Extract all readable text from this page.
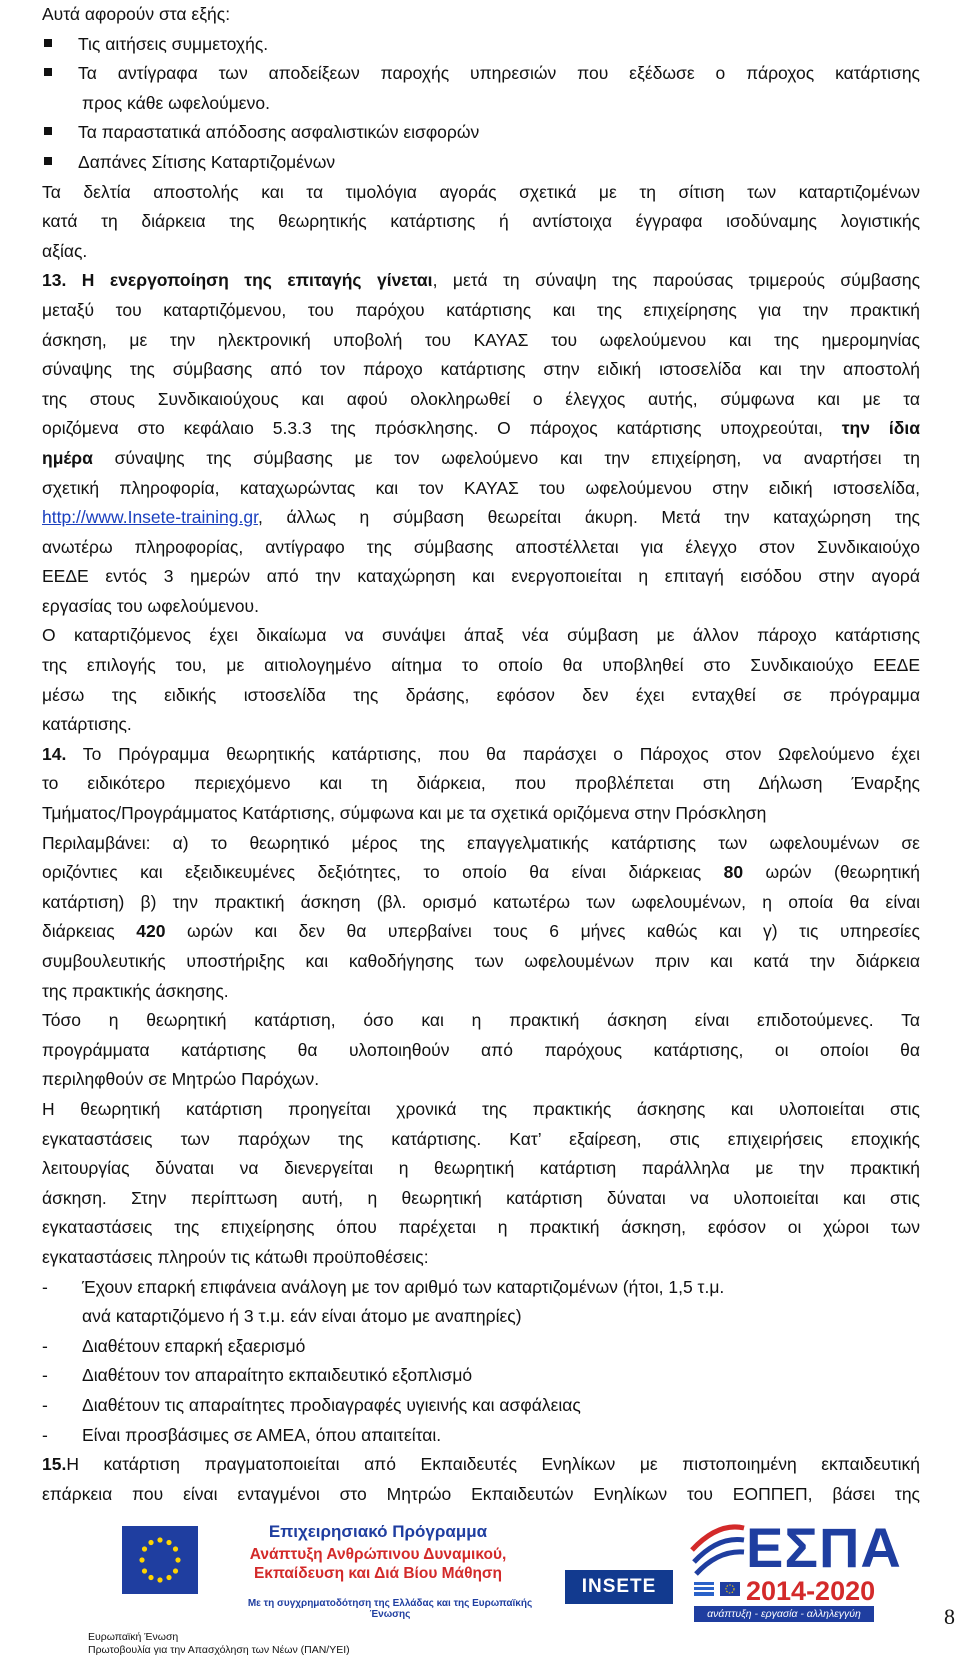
Αυτά αφορούν στα εξής:
Τις αιτήσεις συμμετοχής.
Τα αντίγραφα των αποδείξεων παροχής υπηρεσιών που εξέδωσε ο πάροχος κατάρτισης
προς κάθε ωφελούμενο.
Τα παραστατικά απόδοσης ασφαλιστικών εισφορών
Δαπάνες Σίτισης Καταρτιζομένων
Τα δελτία αποστολής και τα τιμολόγια αγοράς σχετικά με τη σίτιση των καταρτιζομένων
κατά τη διάρκεια της θεωρητικής κατάρτισης ή αντίστοιχα έγγραφα ισοδύναμης λογιστικής
αξίας.
13. Η ενεργοποίηση της επιταγής γίνεται, μετά τη σύναψη της παρούσας τριμερούς σύμβασης
μεταξύ του καταρτιζόμενου, του παρόχου κατάρτισης και της επιχείρησης για την πρακτική
άσκηση, με την ηλεκτρονική υποβολή του ΚΑΥΑΣ του ωφελούμενου και της ημερομηνίας
σύναψης της σύμβασης από τον πάροχο κατάρτισης στην ειδική ιστοσελίδα και την αποστολή
της στους Συνδικαιούχους και αφού ολοκληρωθεί ο έλεγχος αυτής, σύμφωνα και με τα
οριζόμενα στο κεφάλαιο 5.3.3 της πρόσκλησης. Ο πάροχος κατάρτισης υποχρεούται, την ίδια
ημέρα σύναψης της σύμβασης με τον ωφελούμενο και την επιχείρηση, να αναρτήσει τη
σχετική πληροφορία, καταχωρώντας και τον ΚΑΥΑΣ του ωφελούμενου στην ειδική ιστοσελίδα,
http://www.Insete-training.gr, άλλως η σύμβαση θεωρείται άκυρη. Μετά την καταχώρηση της
ανωτέρω πληροφορίας, αντίγραφο της σύμβασης αποστέλλεται για έλεγχο στον Συνδικαιούχο
ΕΕΔΕ εντός 3 ημερών από την καταχώρηση και ενεργοποιείται η επιταγή εισόδου στην αγορά
εργασίας του ωφελούμενου.
Ο καταρτιζόμενος έχει δικαίωμα να συνάψει άπαξ νέα σύμβαση με άλλον πάροχο κατάρτισης
της επιλογής του, με αιτιολογημένο αίτημα το οποίο θα υποβληθεί στο Συνδικαιούχο ΕΕΔΕ
μέσω της ειδικής ιστοσελίδα της δράσης, εφόσον δεν έχει ενταχθεί σε πρόγραμμα
κατάρτισης.
14. Το Πρόγραμμα θεωρητικής κατάρτισης, που θα παράσχει ο Πάροχος στον Ωφελούμενο έχει
το ειδικότερο περιεχόμενο και τη διάρκεια, που προβλέπεται στη Δήλωση Έναρξης
Τμήματος/Προγράμματος Κατάρτισης, σύμφωνα και με τα σχετικά οριζόμενα στην Πρόσκληση
Περιλαμβάνει: α) το θεωρητικό μέρος της επαγγελματικής κατάρτισης των ωφελουμένων σε
οριζόντιες και εξειδικευμένες δεξιότητες, το οποίο θα είναι διάρκειας 80 ωρών (θεωρητική
κατάρτιση) β) την πρακτική άσκηση (βλ. ορισμό κατωτέρω των ωφελουμένων, η οποία θα είναι
διάρκειας 420 ωρών και δεν θα υπερβαίνει τους 6 μήνες καθώς και γ) τις υπηρεσίες
συμβουλευτικής υποστήριξης και καθοδήγησης των ωφελουμένων πριν και κατά την διάρκεια
της πρακτικής άσκησης.
Τόσο η θεωρητική κατάρτιση, όσο και η πρακτική άσκηση είναι επιδοτούμενες. Τα
προγράμματα κατάρτισης θα υλοποιηθούν από παρόχους κατάρτισης, οι οποίοι θα
περιληφθούν σε Μητρώο Παρόχων.
Η θεωρητική κατάρτιση προηγείται χρονικά της πρακτικής άσκησης και υλοποιείται στις
εγκαταστάσεις των παρόχων της κατάρτισης. Κατ’ εξαίρεση, στις επιχειρήσεις εποχικής
λειτουργίας δύναται να διενεργείται η θεωρητική κατάρτιση παράλληλα με την πρακτική
άσκηση. Στην περίπτωση αυτή, η θεωρητική κατάρτιση δύναται να υλοποιείται και στις
εγκαταστάσεις της επιχείρησης όπου παρέχεται η πρακτική άσκηση, εφόσον οι χώροι των
εγκαταστάσεις πληρούν τις κάτωθι προϋποθέσεις:
- Έχουν επαρκή επιφάνεια ανάλογη με τον αριθμό των καταρτιζομένων (ήτοι, 1,5 τ.μ.
ανά καταρτιζόμενο ή 3 τ.μ. εάν είναι άτομο με αναπηρίες)
- Διαθέτουν επαρκή εξαερισμό
- Διαθέτουν τον απαραίτητο εκπαιδευτικό εξοπλισμό
- Διαθέτουν τις απαραίτητες προδιαγραφές υγιεινής και ασφάλειας
- Είναι προσβάσιμες σε ΑΜΕΑ, όπου απαιτείται.
15.Η κατάρτιση πραγματοποιείται από Εκπαιδευτές Ενηλίκων με πιστοποιημένη εκπαιδευτική
επάρκεια που είναι ενταγμένοι στο Μητρώο Εκπαιδευτών Ενηλίκων του ΕΟΠΠΕΠ, βάσει της
Επιχειρησιακό Πρόγραμμα
Ανάπτυξη Ανθρώπινου Δυναμικού,
Εκπαίδευση και Διά Βίου Μάθηση
Με τη συγχρηματοδότηση της Ελλάδας και της Ευρωπαϊκής Ένωσης
INSETE
ΕΣΠΑ
2014-2020
ανάπτυξη - εργασία - αλληλεγγύη
Ευρωπαϊκή Ένωση
Πρωτοβουλία για την Απασχόληση των Νέων (ΠΑΝ/ΥΕΙ)
8
